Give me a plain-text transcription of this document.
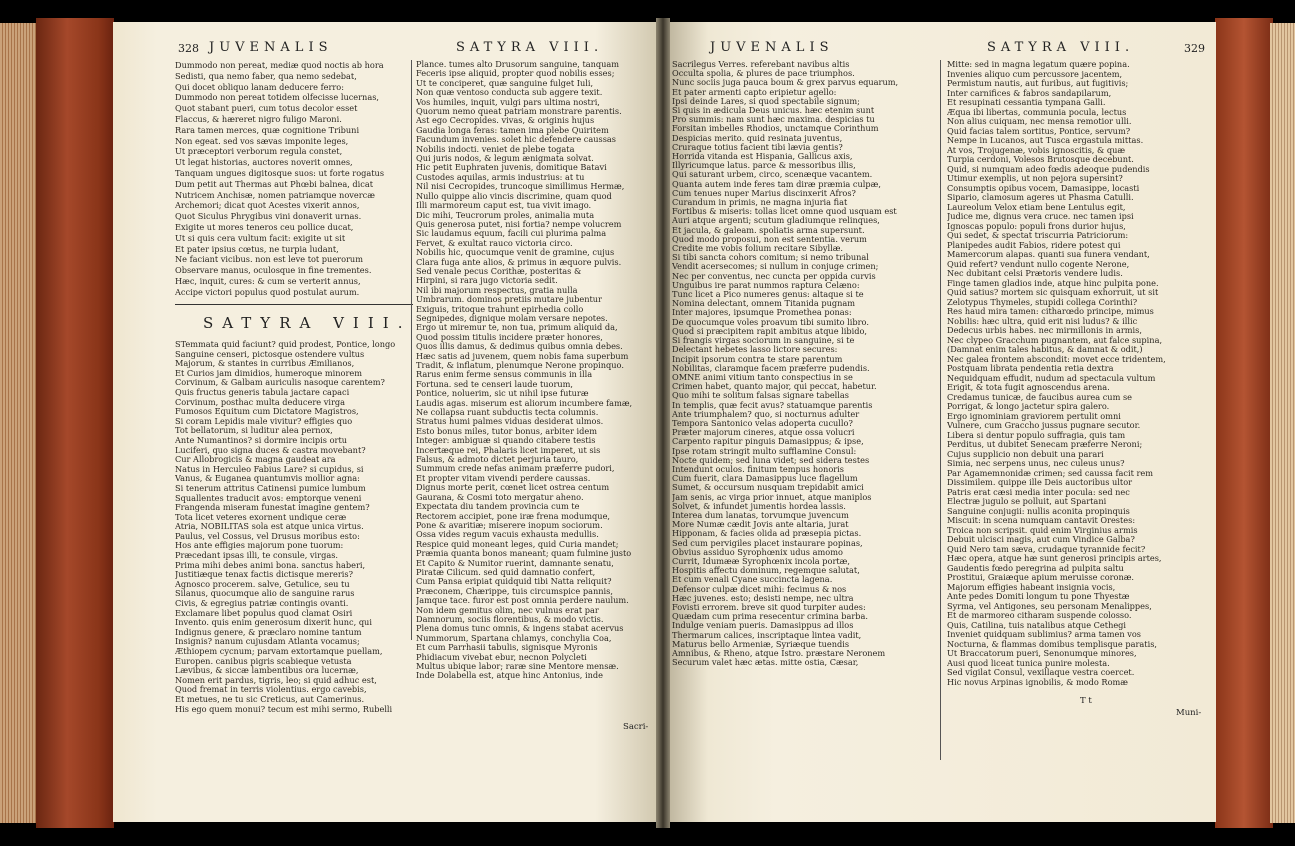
328 JUVENALIS	SATYRA VIII.
Dummodo non pereat, mediæ quod noctis ab hora
Sedisti, qua nemo faber, qua nemo sedebat,
Qui docet obliquo lanam deducere ferro:
Dummodo non pereat totidem olfecisse lucernas,
Quot stabant pueri, cum totus decolor esset
Flaccus, & hæreret nigro fuligo Maroni.
Rara tamen merces, quæ cognitione Tribuni
Non egeat. sed vos sævas imponite leges,
Ut præceptori verborum regula constet,
Ut legat historias, auctores noverit omnes,
Tanquam ungues digitosque suos: ut forte rogatus
Dum petit aut Thermas aut Phœbi balnea, dicat
Nutricem Anchisæ, nomen patriamque novercæ
Archemori; dicat quot Acestes vixerit annos,
Quot Siculus Phrygibus vini donaverit urnas.
Exigite ut mores teneros ceu pollice ducat,
Ut si quis cera vultum facit: exigite ut sit
Et pater ipsius cœtus, ne turpia ludant,
Ne faciant vicibus. non est leve tot puerorum
Observare manus, oculosque in fine trementes.
Hæc, inquit, cures: & cum se verterit annus,
Accipe victori populus quod postulat aurum.
SATYRA VIII.
STemmata quid faciunt? quid prodest, Pontice, longo
Sanguine censeri, pictosque ostendere vultus
Majorum, & stantes in curribus Æmilianos,
Et Curios jam dimidios, humeroque minorem
Corvinum, & Galbam auriculis nasoque carentem?
Quis fructus generis tabula jactare capaci
Corvinum, posthac multa deducere virga
Fumosos Equitum cum Dictatore Magistros,
Si coram Lepidis male vivitur? effigies quo
Tot bellatorum, si luditur alea pernox,
Ante Numantinos? si dormire incipis ortu
Luciferi, quo signa duces & castra movebant?
Cur Allobrogicis & magna gaudeat ara
Natus in Herculeo Fabius Lare? si cupidus, si
Vanus, & Euganea quantumvis mollior agna:
Si tenerum attritus Catinensi pumice lumbum
Squallentes traducit avos: emptorque veneni
Frangenda miseram funestat imagine gentem?
Tota licet veteres exornent undique ceræ
Atria, NOBILITAS sola est atque unica virtus.
Paulus, vel Cossus, vel Drusus moribus esto:
Hos ante effigies majorum pone tuorum:
Præcedant ipsas illi, te consule, virgas.
Prima mihi debes animi bona. sanctus haberi,
Justitiæque tenax factis dictisque mereris?
Agnosco procerem. salve, Getulice, seu tu
Silanus, quocumque alio de sanguine rarus
Civis, & egregius patriæ contingis ovanti.
Exclamare libet populus quod clamat Osiri
Invento. quis enim generosum dixerit hunc, qui
Indignus genere, & præclaro nomine tantum
Insignis? nanum cujusdam Atlanta vocamus;
Æthiopem cycnum; parvam extortamque puellam,
Europen. canibus pigris scabieque vetusta
Lævibus, & siccæ lambentibus ora lucernæ,
Nomen erit pardus, tigris, leo; si quid adhuc est,
Quod fremat in terris violentius. ergo cavebis,
Et metues, ne tu sic Creticus, aut Camerinus.
His ego quem monui? tecum est mihi sermo, Rubelli
Plance. tumes alto Drusorum sanguine, tanquam
Feceris ipse aliquid, propter quod nobilis esses;
Ut te conciperet, quæ sanguine fulget Iuli,
Non quæ ventoso conducta sub aggere texit.
Vos humiles, inquit, vulgi pars ultima nostri,
Quorum nemo queat patriam monstrare parentis.
Ast ego Cecropides. vivas, & originis hujus
Gaudia longa feras: tamen ima plebe Quiritem
Facundum invenies. solet hic defendere caussas
Nobilis indocti. veniet de plebe togata
Qui juris nodos, & legum ænigmata solvat.
Hic petit Euphraten juvenis, domitique Batavi
Custodes aquilas, armis industrius: at tu
Nil nisi Cecropides, truncoque simillimus Hermæ,
Nullo quippe alio vincis discrimine, quam quod
Illi marmoreum caput est, tua vivit imago.
Dic mihi, Teucrorum proles, animalia muta
Quis generosa putet, nisi fortia? nempe volucrem
Sic laudamus equum, facili cui plurima palma
Fervet, & exultat rauco victoria circo.
Nobilis hic, quocumque venit de gramine, cujus
Clara fuga ante alios, & primus in æquore pulvis.
Sed venale pecus Corithæ, posteritas &
Hirpini, si rara jugo victoria sedit.
Nil ibi majorum respectus, gratia nulla
Umbrarum. dominos pretiis mutare jubentur
Exiguis, tritoque trahunt epirhedia collo
Segnipedes, dignique molam versare nepotes.
Ergo ut miremur te, non tua, primum aliquid da,
Quod possim titulis incidere præter honores,
Quos illis damus, & dedimus quibus omnia debes.
Hæc satis ad juvenem, quem nobis fama superbum
Tradit, & inflatum, plenumque Nerone propinquo.
Rarus enim ferme sensus communis in illa
Fortuna. sed te censeri laude tuorum,
Pontice, noluerim, sic ut nihil ipse futuræ
Laudis agas. miserum est aliorum incumbere famæ,
Ne collapsa ruant subductis tecta columnis.
Stratus humi palmes viduas desiderat ulmos.
Esto bonus miles, tutor bonus, arbiter idem
Integer: ambiguæ si quando citabere testis
Incertæque rei, Phalaris licet imperet, ut sis
Falsus, & admoto dictet perjuria tauro,
Summum crede nefas animam præferre pudori,
Et propter vitam vivendi perdere caussas.
Dignus morte perit, cœnet licet ostrea centum
Gaurana, & Cosmi toto mergatur aheno.
Expectata diu tandem provincia cum te
Rectorem accipiet, pone iræ frena modumque,
Pone & avaritiæ; miserere inopum sociorum.
Ossa vides regum vacuis exhausta medullis.
Respice quid moneant leges, quid Curia mandet;
Præmia quanta bonos maneant; quam fulmine justo
Et Capito & Numitor ruerint, damnante senatu,
Piratæ Cilicum. sed quid damnatio confert,
Cum Pansa eripiat quidquid tibi Natta reliquit?
Præconem, Chærippe, tuis circumspice pannis,
Jamque tace. furor est post omnia perdere naulum.
Non idem gemitus olim, nec vulnus erat par
Damnorum, sociis florentibus, & modo victis.
Plena domus tunc omnis, & ingens stabat acervus
Nummorum, Spartana chlamys, conchylia Coa,
Et cum Parrhasii tabulis, signisque Myronis
Phidiacum vivebat ebur, necnon Polycleti
Multus ubique labor; raræ sine Mentore mensæ.
Inde Dolabella est, atque hinc Antonius, inde
Sacri-
JUVENALIS	SATYRA VIII.	329
Sacrilegus Verres. referebant navibus altis
Occulta spolia, & plures de pace triumphos.
Nunc sociis juga pauca boum & grex parvus equarum,
Et pater armenti capto eripietur agello:
Ipsi deinde Lares, si quod spectabile signum;
Si quis in ædicula Deus unicus. hæc etenim sunt
Pro summis: nam sunt hæc maxima. despicias tu
Forsitan imbelles Rhodios, unctamque Corinthum
Despicias merito. quid resinata juventus,
Cruraque totius facient tibi lævia gentis?
Horrida vitanda est Hispania, Gallicus axis,
Illyricumque latus. parce & messoribus illis,
Qui saturant urbem, circo, scenæque vacantem.
Quanta autem inde feres tam diræ præmia culpæ,
Cum tenues nuper Marius discinxerit Afros?
Curandum in primis, ne magna injuria fiat
Fortibus & miseris: tollas licet omne quod usquam est
Auri atque argenti; scutum gladiumque relinques,
Et jacula, & galeam. spoliatis arma supersunt.
Quod modo proposui, non est sententia. verum
Credite me vobis folium recitare Sibyllæ.
Si tibi sancta cohors comitum; si nemo tribunal
Vendit acersecomes; si nullum in conjuge crimen;
Nec per conventus, nec cuncta per oppida curvis
Unguibus ire parat nummos raptura Celæno:
Tunc licet a Pico numeres genus: altaque si te
Nomina delectant, omnem Titanida pugnam
Inter majores, ipsumque Promethea ponas:
De quocumque voles proavum tibi sumito libro.
Quod si præcipitem rapit ambitus atque libido,
Si frangis virgas sociorum in sanguine, si te
Delectant hebetes lasso lictore secures:
Incipit ipsorum contra te stare parentum
Nobilitas, claramque facem præferre pudendis.
OMNE animi vitium tanto conspectius in se
Crimen habet, quanto major, qui peccat, habetur.
Quo mihi te solitum falsas signare tabellas
In templis, quæ fecit avus? statuamque parentis
Ante triumphalem? quo, si nocturnus adulter
Tempora Santonico velas adoperta cucullo?
Præter majorum cineres, atque ossa volucri
Carpento rapitur pinguis Damasippus; & ipse,
Ipse rotam stringit multo sufflamine Consul:
Nocte quidem; sed luna videt; sed sidera testes
Intendunt oculos. finitum tempus honoris
Cum fuerit, clara Damasippus luce flagellum
Sumet, & occursum nusquam trepidabit amici
Jam senis, ac virga prior innuet, atque maniplos
Solvet, & infundet jumentis hordea lassis.
Interea dum lanatas, torvumque juvencum
More Numæ cædit Jovis ante altaria, jurat
Hipponam, & facies olida ad præsepia pictas.
Sed cum pervigiles placet instaurare popinas,
Obvius assiduo Syrophœnix udus amomo
Currit, Idumææ Syrophœnix incola portæ,
Hospitis affectu dominum, regemque salutat,
Et cum venali Cyane succincta lagena.
Defensor culpæ dicet mihi: fecimus & nos
Hæc juvenes. esto; desisti nempe, nec ultra
Fovisti errorem. breve sit quod turpiter audes:
Quædam cum prima resecentur crimina barba.
Indulge veniam pueris. Damasippus ad illos
Thermarum calices, inscriptaque lintea vadit,
Maturus bello Armeniæ, Syriæque tuendis
Amnibus, & Rheno, atque Istro. præstare Neronem
Securum valet hæc ætas. mitte ostia, Cæsar,
Mitte: sed in magna legatum quære popina.
Invenies aliquo cum percussore jacentem,
Permistum nautis, aut furibus, aut fugitivis;
Inter carnifices & fabros sandapilarum,
Et resupinati cessantia tympana Galli.
Æqua ibi libertas, communia pocula, lectus
Non alius cuiquam, nec mensa remotior ulli.
Quid facias talem sortitus, Pontice, servum?
Nempe in Lucanos, aut Tusca ergastula mittas.
At vos, Trojugenæ, vobis ignoscitis, & quæ
Turpia cerdoni, Volesos Brutosque decebunt.
Quid, si numquam adeo fœdis adeoque pudendis
Utimur exemplis, ut non pejora supersint?
Consumptis opibus vocem, Damasippe, locasti
Sipario, clamosum ageres ut Phasma Catulli.
Laureolum Velox etiam bene Lentulus egit,
Judice me, dignus vera cruce. nec tamen ipsi
Ignoscas populo: populi frons durior hujus,
Qui sedet, & spectat triscurria Patriciorum:
Planipedes audit Fabios, ridere potest qui
Mamercorum alapas. quanti sua funera vendant,
Quid refert? vendunt nullo cogente Nerone,
Nec dubitant celsi Prætoris vendere ludis.
Finge tamen gladios inde, atque hinc pulpita pone.
Quid satius? mortem sic quisquam exhorruit, ut sit
Zelotypus Thymeles, stupidi collega Corinthi?
Res haud mira tamen: citharœdo principe, mimus
Nobilis: hæc ultra, quid erit nisi ludus? & illic
Dedecus urbis habes. nec mirmillonis in armis,
Nec clypeo Gracchum pugnantem, aut falce supina,
(Damnat enim tales habitus, & damnat & odit,)
Nec galea frontem abscondit: movet ecce tridentem,
Postquam librata pendentia retia dextra
Nequidquam effudit, nudum ad spectacula vultum
Erigit, & tota fugit agnoscendus arena.
Credamus tunicæ, de faucibus aurea cum se
Porrigat, & longo jactetur spira galero.
Ergo ignominiam graviorem pertulit omni
Vulnere, cum Graccho jussus pugnare secutor.
Libera si dentur populo suffragia, quis tam
Perditus, ut dubitet Senecam præferre Neroni;
Cujus supplicio non debuit una parari
Simia, nec serpens unus, nec culeus unus?
Par Agamemnonidæ crimen; sed caussa facit rem
Dissimilem. quippe ille Deis auctoribus ultor
Patris erat cæsi media inter pocula: sed nec
Electræ jugulo se polluit, aut Spartani
Sanguine conjugii: nullis aconita propinquis
Miscuit: in scena numquam cantavit Orestes:
Troica non scripsit. quid enim Virginius armis
Debuit ulcisci magis, aut cum Vindice Galba?
Quid Nero tam sæva, crudaque tyrannide fecit?
Hæc opera, atque hæ sunt generosi principis artes,
Gaudentis fœdo peregrina ad pulpita saltu
Prostitui, Graiæque apium meruisse coronæ.
Majorum effigies habeant insignia vocis,
Ante pedes Domiti longum tu pone Thyestæ
Syrma, vel Antigones, seu personam Menalippes,
Et de marmoreo citharam suspende colosso.
Quis, Catilina, tuis natalibus atque Cethegi
Inveniet quidquam sublimius? arma tamen vos
Nocturna, & flammas domibus templisque paratis,
Ut Braccatorum pueri, Senonumque minores,
Ausi quod liceat tunica punire molesta.
Sed vigilat Consul, vexillaque vestra coercet.
Hic novus Arpinas ignobilis, & modo Romæ
T t
Muni-
